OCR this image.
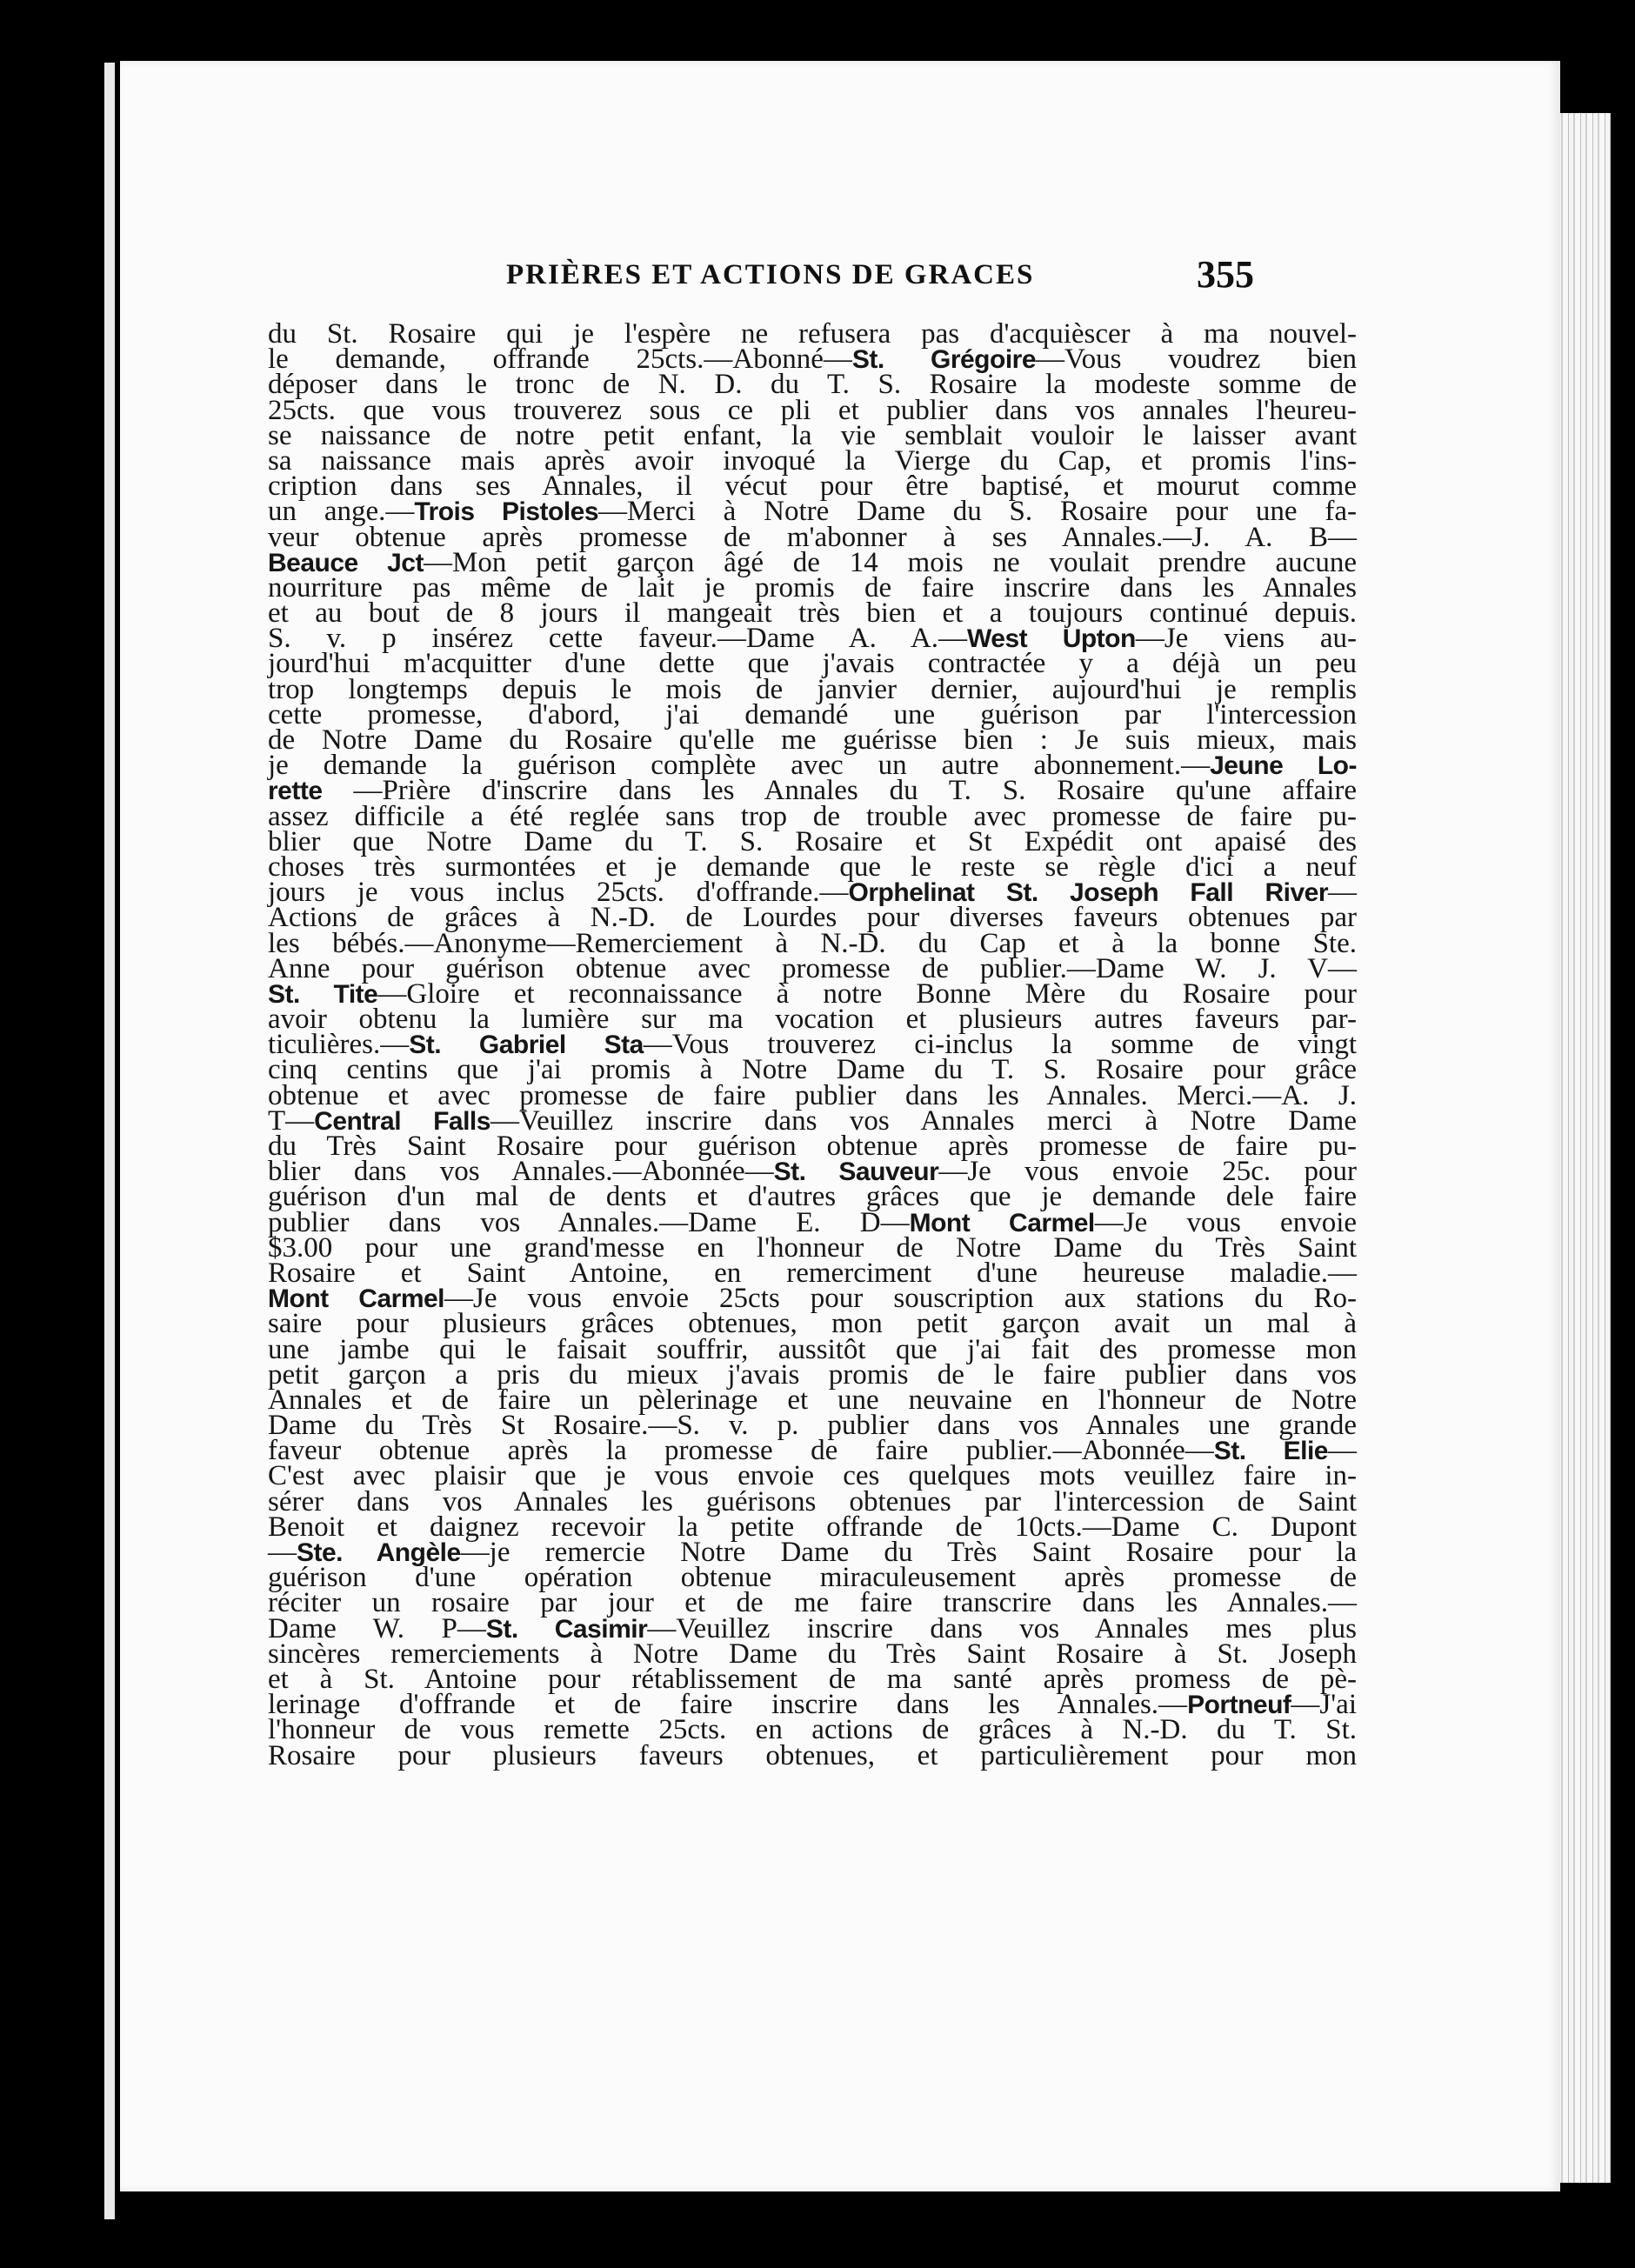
PRIÈRES ET ACTIONS DE GRACES	355
du St. Rosaire qui je l'espère ne refusera pas d'acquièscer à ma nouvel-
le demande, offrande 25cts.—Abonné—St. Grégoire—Vous voudrez bien
déposer dans le tronc de N. D. du T. S. Rosaire la modeste somme de
25cts. que vous trouverez sous ce pli et publier dans vos annales l'heureu-
se naissance de notre petit enfant, la vie semblait vouloir le laisser avant
sa naissance mais après avoir invoqué la Vierge du Cap, et promis l'ins-
cription dans ses Annales, il vécut pour être baptisé, et mourut comme
un ange.—Trois Pistoles—Merci à Notre Dame du S. Rosaire pour une fa-
veur obtenue après promesse de m'abonner à ses Annales.—J. A. B—
Beauce Jct—Mon petit garçon âgé de 14 mois ne voulait prendre aucune
nourriture pas même de lait je promis de faire inscrire dans les Annales
et au bout de 8 jours il mangeait très bien et a toujours continué depuis.
S. v. p insérez cette faveur.—Dame A. A.—West Upton—Je viens au-
jourd'hui m'acquitter d'une dette que j'avais contractée y a déjà un peu
trop longtemps depuis le mois de janvier dernier, aujourd'hui je remplis
cette promesse, d'abord, j'ai demandé une guérison par l'intercession
de Notre Dame du Rosaire qu'elle me guérisse bien : Je suis mieux, mais
je demande la guérison complète avec un autre abonnement.—Jeune Lo-
rette —Prière d'inscrire dans les Annales du T. S. Rosaire qu'une affaire
assez difficile a été reglée sans trop de trouble avec promesse de faire pu-
blier que Notre Dame du T. S. Rosaire et St Expédit ont apaisé des
choses très surmontées et je demande que le reste se règle d'ici a neuf
jours je vous inclus 25cts. d'offrande.—Orphelinat St. Joseph Fall River—
Actions de grâces à N.-D. de Lourdes pour diverses faveurs obtenues par
les bébés.—Anonyme—Remerciement à N.-D. du Cap et à la bonne Ste.
Anne pour guérison obtenue avec promesse de publier.—Dame W. J. V—
St. Tite—Gloire et reconnaissance à notre Bonne Mère du Rosaire pour
avoir obtenu la lumière sur ma vocation et plusieurs autres faveurs par-
ticulières.—St. Gabriel Sta—Vous trouverez ci-inclus la somme de vingt
cinq centins que j'ai promis à Notre Dame du T. S. Rosaire pour grâce
obtenue et avec promesse de faire publier dans les Annales. Merci.—A. J.
T—Central Falls—Veuillez inscrire dans vos Annales merci à Notre Dame
du Très Saint Rosaire pour guérison obtenue après promesse de faire pu-
blier dans vos Annales.—Abonnée—St. Sauveur—Je vous envoie 25c. pour
guérison d'un mal de dents et d'autres grâces que je demande dele faire
publier dans vos Annales.—Dame E. D—Mont Carmel—Je vous envoie
$3.00 pour une grand'messe en l'honneur de Notre Dame du Très Saint
Rosaire et Saint Antoine, en remerciment d'une heureuse maladie.—
Mont Carmel—Je vous envoie 25cts pour souscription aux stations du Ro-
saire pour plusieurs grâces obtenues, mon petit garçon avait un mal à
une jambe qui le faisait souffrir, aussitôt que j'ai fait des promesse mon
petit garçon a pris du mieux j'avais promis de le faire publier dans vos
Annales et de faire un pèlerinage et une neuvaine en l'honneur de Notre
Dame du Très St Rosaire.—S. v. p. publier dans vos Annales une grande
faveur obtenue après la promesse de faire publier.—Abonnée—St. Elie—
C'est avec plaisir que je vous envoie ces quelques mots veuillez faire in-
sérer dans vos Annales les guérisons obtenues par l'intercession de Saint
Benoit et daignez recevoir la petite offrande de 10cts.—Dame C. Dupont
—Ste. Angèle—je remercie Notre Dame du Très Saint Rosaire pour la
guérison d'une opération obtenue miraculeusement après promesse de
réciter un rosaire par jour et de me faire transcrire dans les Annales.—
Dame W. P—St. Casimir—Veuillez inscrire dans vos Annales mes plus
sincères remerciements à Notre Dame du Très Saint Rosaire à St. Joseph
et à St. Antoine pour rétablissement de ma santé après promess de pè-
lerinage d'offrande et de faire inscrire dans les Annales.—Portneuf—J'ai
l'honneur de vous remette 25cts. en actions de grâces à N.-D. du T. St.
Rosaire pour plusieurs faveurs obtenues, et particulièrement pour mon
